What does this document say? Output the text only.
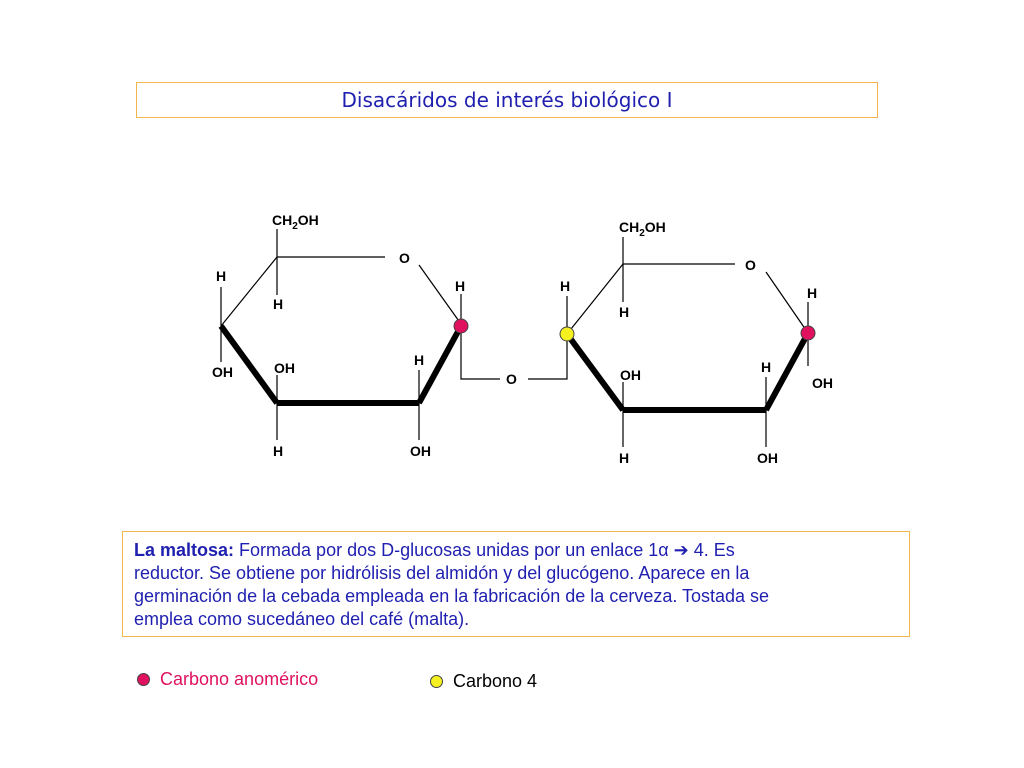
Disacáridos de interés biológico I
$CH_2OH$
O
H
H
H
OH	OH	H
H	OH
O
$CH_2OH$
O
H
H
H
OH	H
OH
H	OH

La maltosa: Formada por dos D-glucosas unidas por un enlace 1α ➔ 4. Es

reductor. Se obtiene por hidrólisis del almidón y del glucógeno. Aparece en la

germinación de la cebada empleada en la fabricación de la cerveza. Tostada se

emplea como sucedáneo del café (malta).

Carbono anomérico	Carbono 4
